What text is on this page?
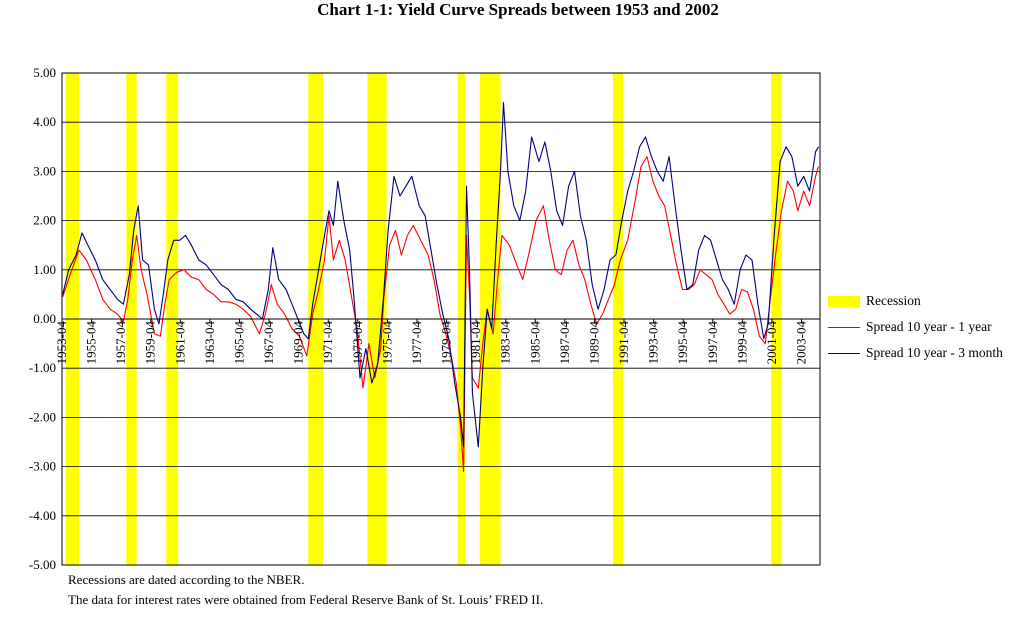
Chart 1-1: Yield Curve Spreads between 1953 and 2002
5.00
4.00
3.00
2.00
1.00
0.00
-1.00
-2.00
-3.00
-4.00
-5.00
1953-04 1955-04 1957-04 1959-04 1961-04 1963-04 1965-04 1967-04 1969-04 1971-04 1973-04 1975-04 1977-04 1979-04 1981-04 1983-04 1985-04 1987-04 1989-04 1991-04 1993-04 1995-04 1997-04 1999-04 2001-04 2003-04
Recession
Spread 10 year - 1 year
Spread 10 year - 3 month
Recessions are dated according to the NBER.
The data for interest rates were obtained from Federal Reserve Bank of St. Louis’ FRED II.
